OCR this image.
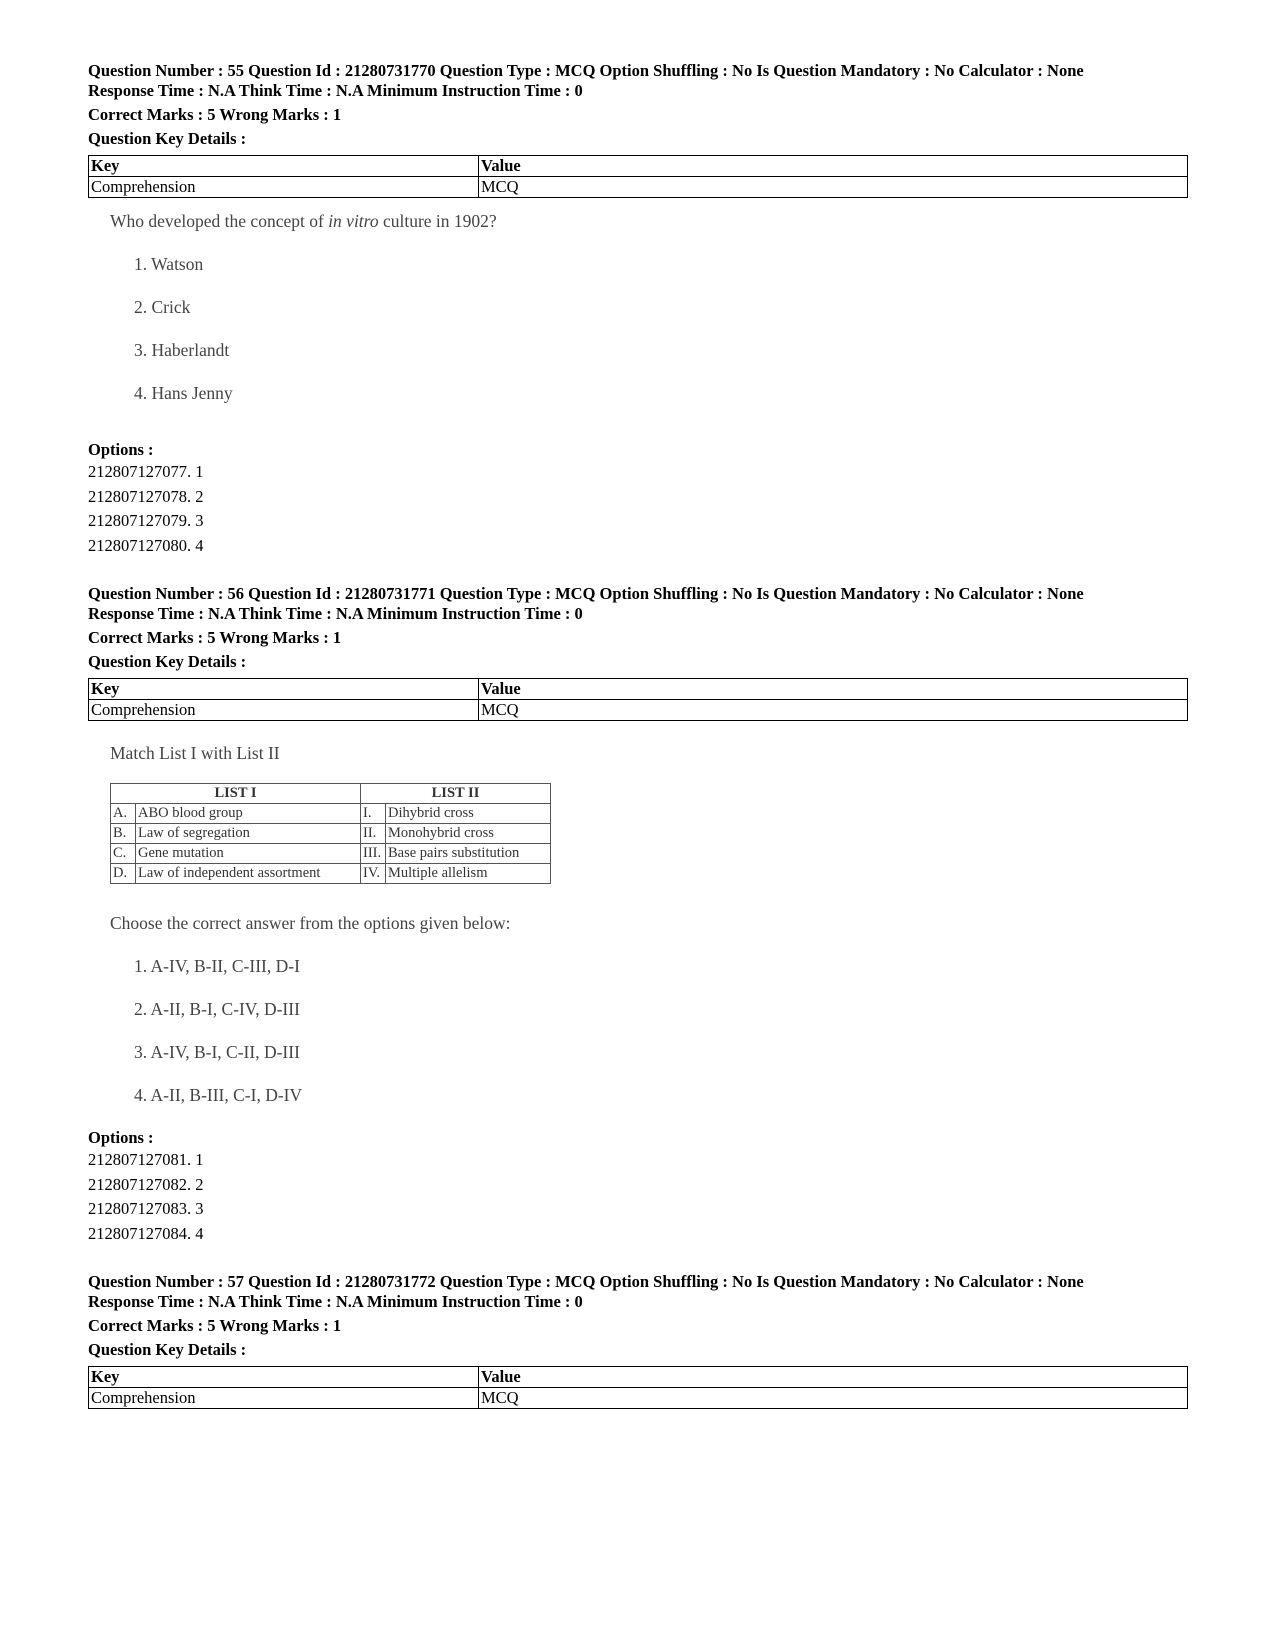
Question Number : 55 Question Id : 21280731770 Question Type : MCQ Option Shuffling : No Is Question Mandatory : No Calculator : None
Response Time : N.A Think Time : N.A Minimum Instruction Time : 0
Correct Marks : 5 Wrong Marks : 1
Question Key Details :
Key	Value
Comprehension	MCQ
Who developed the concept of in vitro culture in 1902?
1. Watson
2. Crick
3. Haberlandt
4. Hans Jenny
Options :
212807127077. 1
212807127078. 2
212807127079. 3
212807127080. 4
Question Number : 56 Question Id : 21280731771 Question Type : MCQ Option Shuffling : No Is Question Mandatory : No Calculator : None
Response Time : N.A Think Time : N.A Minimum Instruction Time : 0
Correct Marks : 5 Wrong Marks : 1
Question Key Details :
Key	Value
Comprehension	MCQ
Match List I with List II
LIST I		LIST II	
A.	ABO blood group	I.	Dihybrid cross
B.	Law of segregation	II.	Monohybrid cross
C.	Gene mutation	III.	Base pairs substitution
D.	Law of independent assortment	IV.	Multiple allelism
Choose the correct answer from the options given below:
1. A-IV, B-II, C-III, D-I
2. A-II, B-I, C-IV, D-III
3. A-IV, B-I, C-II, D-III
4. A-II, B-III, C-I, D-IV
Options :
212807127081. 1
212807127082. 2
212807127083. 3
212807127084. 4
Question Number : 57 Question Id : 21280731772 Question Type : MCQ Option Shuffling : No Is Question Mandatory : No Calculator : None
Response Time : N.A Think Time : N.A Minimum Instruction Time : 0
Correct Marks : 5 Wrong Marks : 1
Question Key Details :
Key	Value
Comprehension	MCQ
